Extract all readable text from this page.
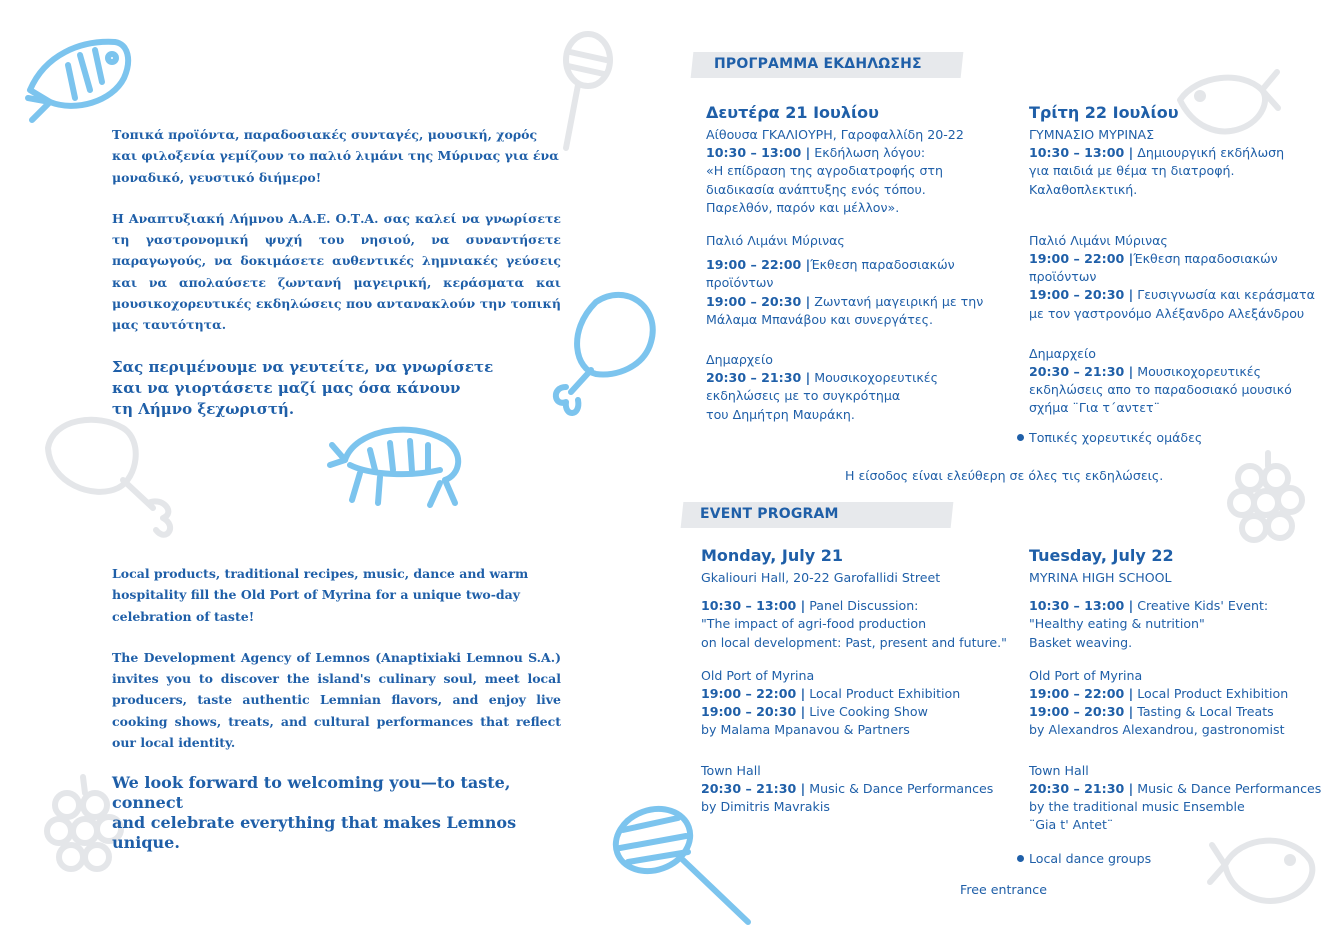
Τοπικά προϊόντα, παραδοσιακές συνταγές, μουσική, χορός και φιλοξενία γεμίζουν το παλιό λιμάνι της Μύρινας για ένα μοναδικό, γευστικό διήμερο!

Η Αναπτυξιακή Λήμνου Α.Α.Ε. Ο.Τ.Α. σας καλεί να γνωρίσετε τη γαστρονομική ψυχή του νησιού, να συναντήσετε παραγωγούς, να δοκιμάσετε αυθεντικές λημνιακές γεύσεις και να απολαύσετε ζωντανή μαγειρική, κεράσματα και μουσικοχορευτικές εκδηλώσεις που αντανακλούν την τοπική μας ταυτότητα.

Σας περιμένουμε να γευτείτε, να γνωρίσετε
και να γιορτάσετε μαζί μας όσα κάνουν
τη Λήμνο ξεχωριστή.

Local products, traditional recipes, music, dance and warm hospitality fill the Old Port of Myrina for a unique two-day celebration of taste!

The Development Agency of Lemnos (Anaptixiaki Lemnou S.A.) invites you to discover the island's culinary soul, meet local producers, taste authentic Lemnian flavors, and enjoy live cooking shows, treats, and cultural performances that reflect our local identity.

We look forward to welcoming you—to taste, connect
and celebrate everything that makes Lemnos unique.
ΠΡΟΓΡΑΜΜΑ ΕΚΔΗΛΩΣΗΣ
Δευτέρα 21 Ιουλίου
Αίθουσα ΓΚΑΛΙΟΥΡΗ, Γαροφαλλίδη 20-22
10:30 – 13:00 | Εκδήλωση λόγου:
«Η επίδραση της αγροδιατροφής στη
διαδικασία ανάπτυξης ενός τόπου.
Παρελθόν, παρόν και μέλλον».
Παλιό Λιμάνι Μύρινας
19:00 – 22:00 |Έκθεση παραδοσιακών
προϊόντων
19:00 – 20:30 | Ζωντανή μαγειρική με την
Μάλαμα Μπανάβου και συνεργάτες.
Δημαρχείο
20:30 – 21:30 | Μουσικοχορευτικές
εκδηλώσεις με το συγκρότημα
του Δημήτρη Μαυράκη.
Τρίτη 22 Ιουλίου
ΓΥΜΝΑΣΙΟ ΜΥΡΙΝΑΣ
10:30 – 13:00 | Δημιουργική εκδήλωση
για παιδιά με θέμα τη διατροφή.
Καλαθοπλεκτική.
Παλιό Λιμάνι Μύρινας
19:00 – 22:00 |Έκθεση παραδοσιακών
προϊόντων
19:00 – 20:30 | Γευσιγνωσία και κεράσματα
με τον γαστρονόμο Αλέξανδρο Αλεξάνδρου
Δημαρχείο
20:30 – 21:30 | Μουσικοχορευτικές
εκδηλώσεις απο το παραδοσιακό μουσικό
σχήμα ¨Για τ΄αντετ¨
Τοπικές χορευτικές ομάδες
Η είσοδος είναι ελεύθερη σε όλες τις εκδηλώσεις.
EVENT PROGRAM
Monday, July 21
Gkaliouri Hall, 20-22 Garofallidi Street
10:30 – 13:00 | Panel Discussion:
"The impact of agri-food production
on local development: Past, present and future."
Old Port of Myrina
19:00 – 22:00 | Local Product Exhibition
19:00 – 20:30 | Live Cooking Show
by Malama Mpanavou & Partners
Town Hall
20:30 – 21:30 | Music & Dance Performances
by Dimitris Mavrakis
Tuesday, July 22
MYRINA HIGH SCHOOL
10:30 – 13:00 | Creative Kids' Event:
"Healthy eating & nutrition"
Basket weaving.
Old Port of Myrina
19:00 – 22:00 | Local Product Exhibition
19:00 – 20:30 | Tasting & Local Treats
by Alexandros Alexandrou, gastronomist
Town Hall
20:30 – 21:30 | Music & Dance Performances
by the traditional music Ensemble
¨Gia t' Antet¨
Local dance groups
Free entrance
